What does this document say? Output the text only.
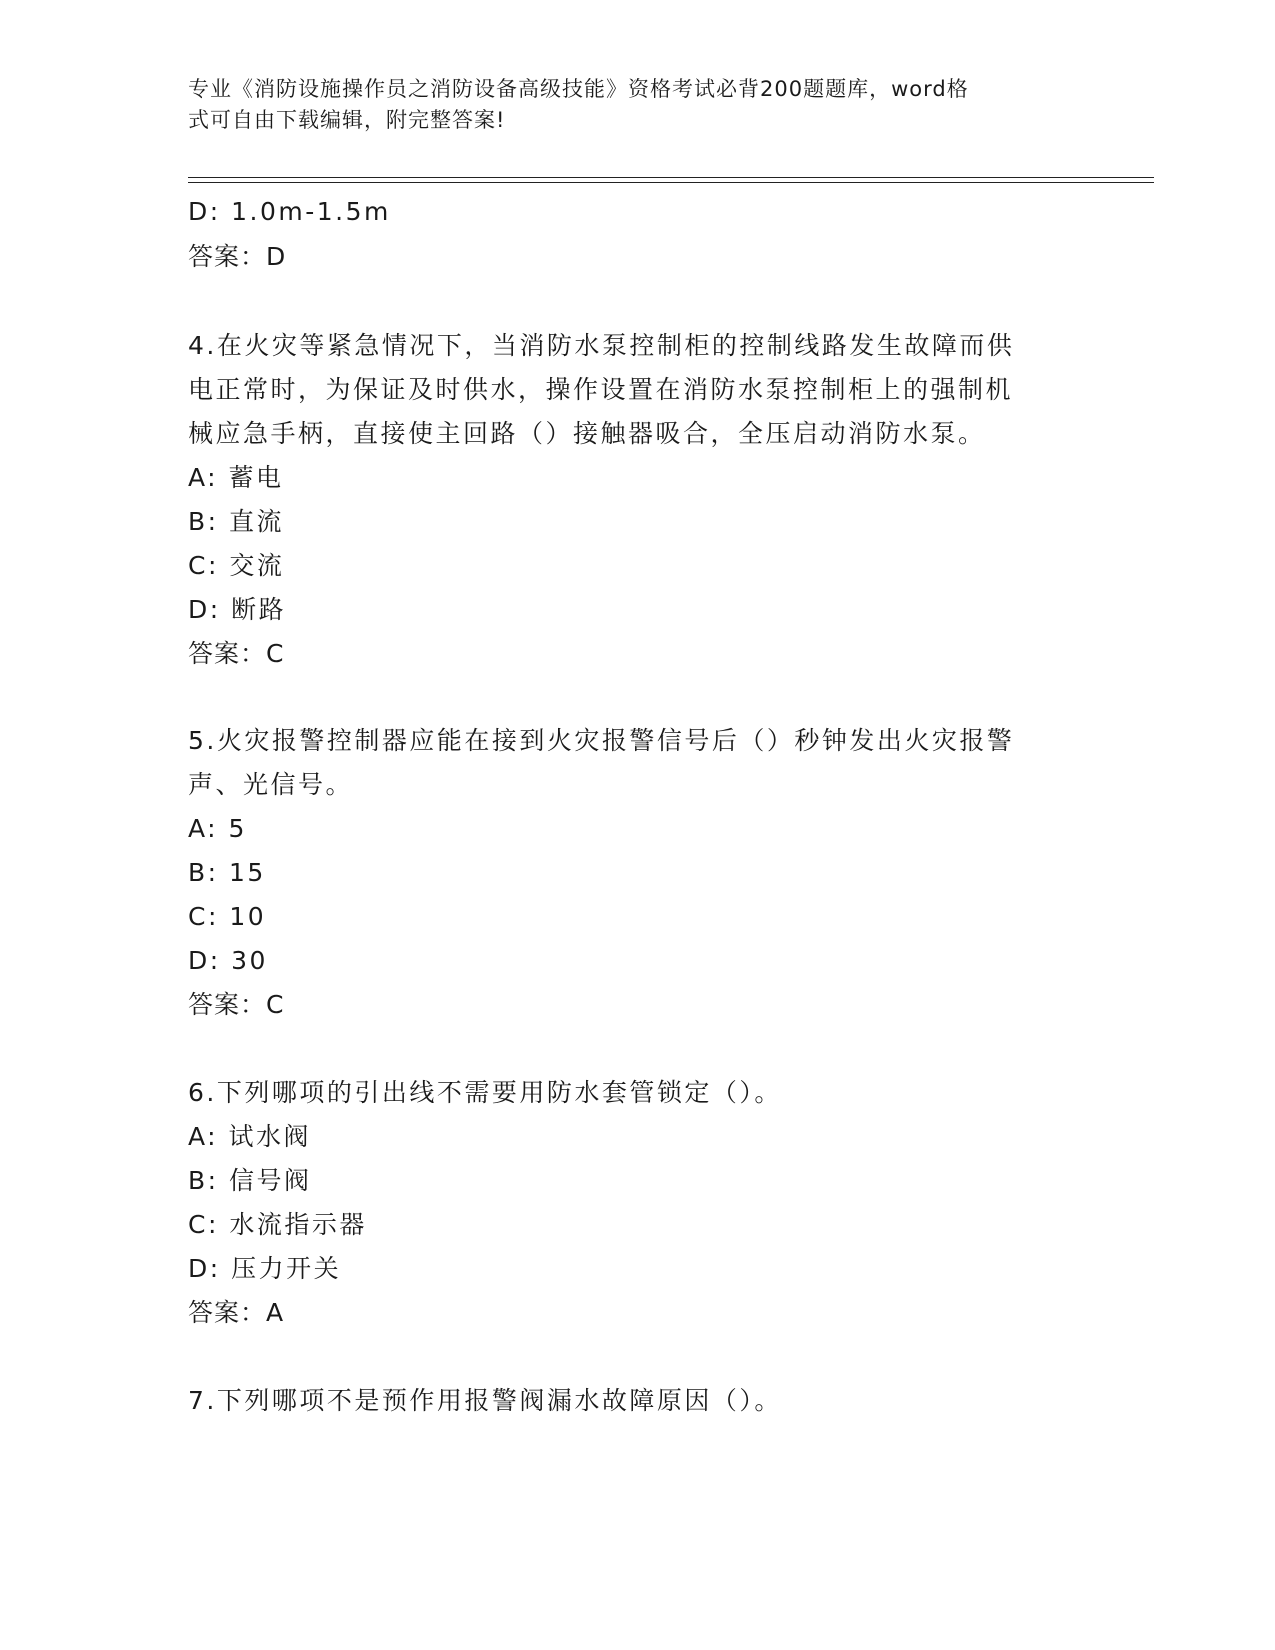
专业《消防设施操作员之消防设备高级技能》资格考试必背200题题库，word格
式可自由下载编辑，附完整答案!
D: 1.0m-1.5m
答案：D
4.在火灾等紧急情况下，当消防水泵控制柜的控制线路发生故障而供
电正常时，为保证及时供水，操作设置在消防水泵控制柜上的强制机
械应急手柄，直接使主回路（）接触器吸合，全压启动消防水泵。
A: 蓄电
B: 直流
C: 交流
D: 断路
答案：C
5.火灾报警控制器应能在接到火灾报警信号后（）秒钟发出火灾报警
声、光信号。
A: 5
B: 15
C: 10
D: 30
答案：C
6.下列哪项的引出线不需要用防水套管锁定（）。
A: 试水阀
B: 信号阀
C: 水流指示器
D: 压力开关
答案：A
7.下列哪项不是预作用报警阀漏水故障原因（）。
